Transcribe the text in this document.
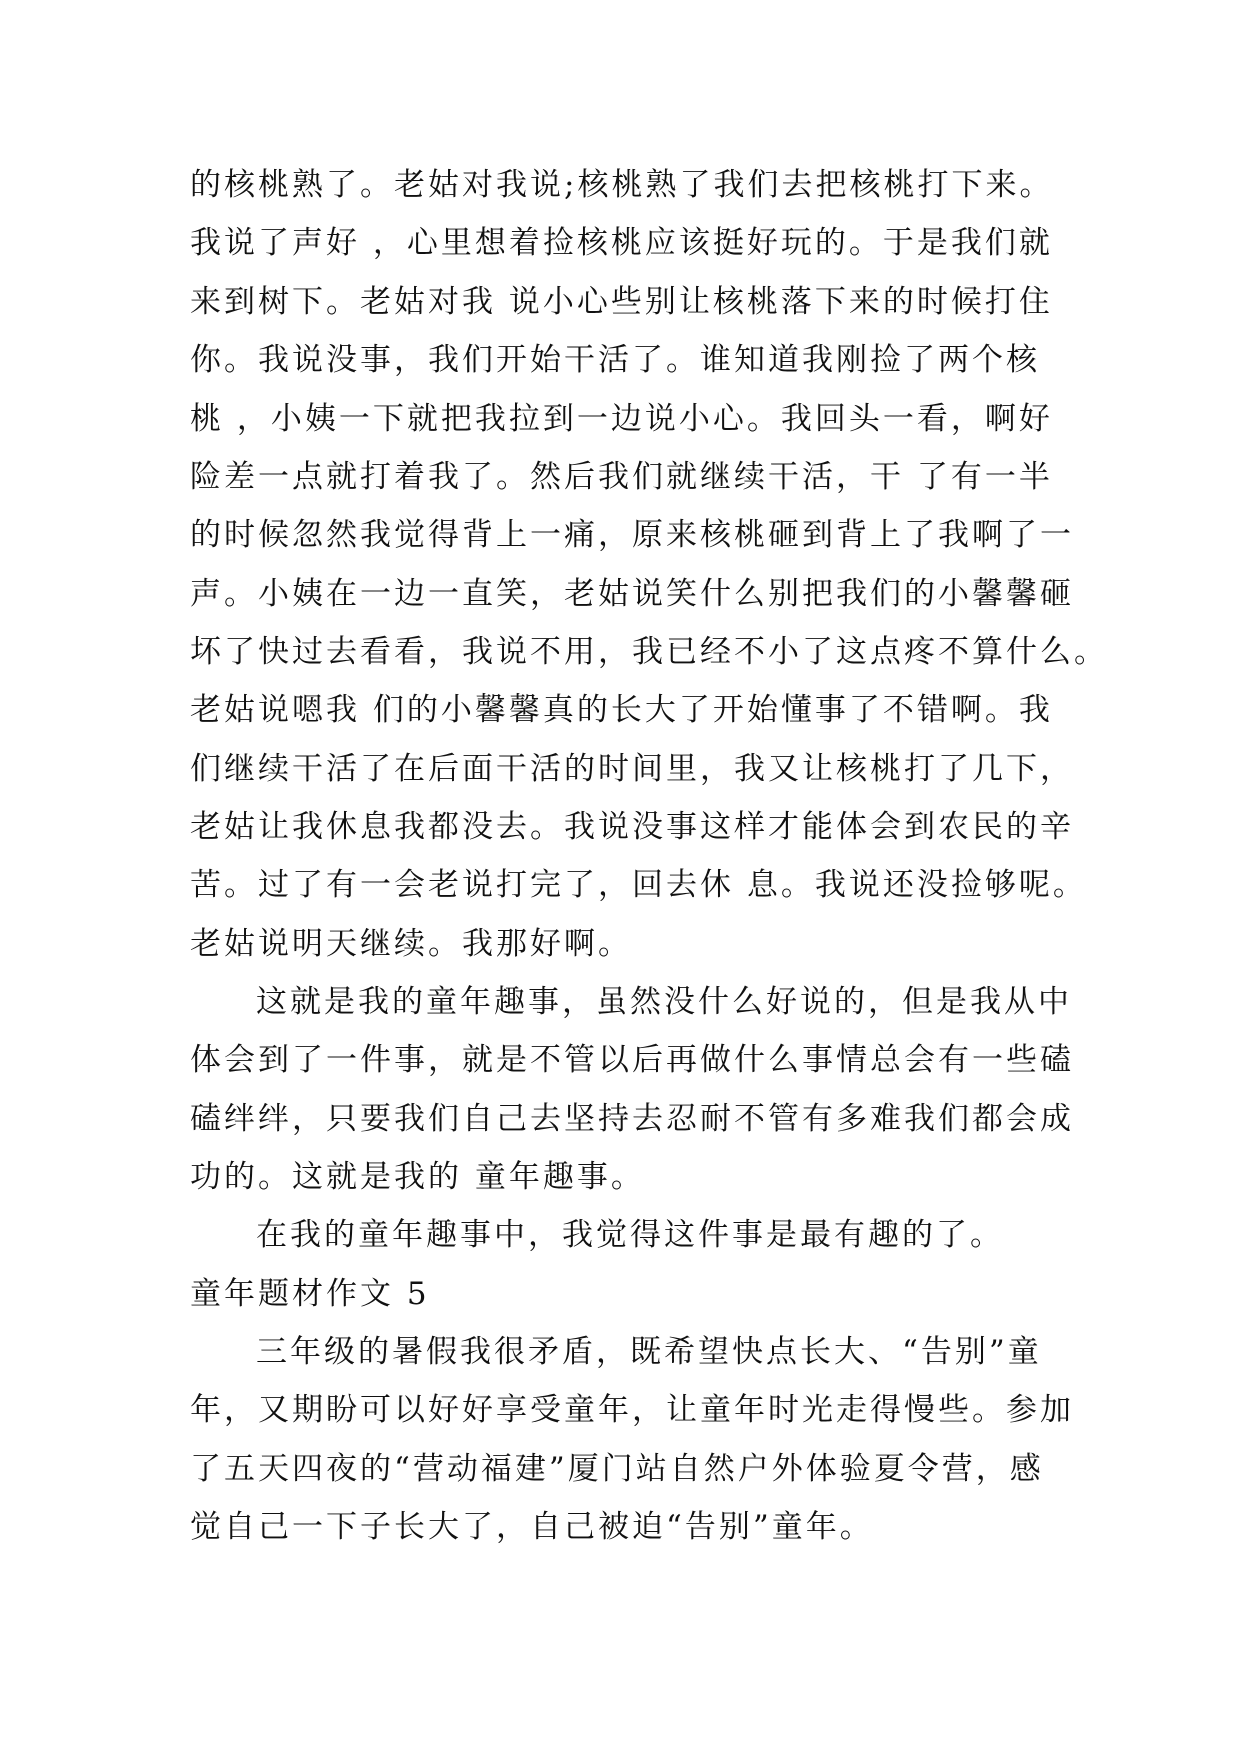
的核桃熟了。老姑对我说;核桃熟了我们去把核桃打下来。
我说了声好 ，心里想着捡核桃应该挺好玩的。于是我们就
来到树下。老姑对我 说小心些别让核桃落下来的时候打住
你。我说没事，我们开始干活了。谁知道我刚捡了两个核
桃 ，小姨一下就把我拉到一边说小心。我回头一看，啊好
险差一点就打着我了。然后我们就继续干活，干 了有一半
的时候忽然我觉得背上一痛，原来核桃砸到背上了我啊了一
声。小姨在一边一直笑，老姑说笑什么别把我们的小馨馨砸
坏了快过去看看，我说不用，我已经不小了这点疼不算什么。
老姑说嗯我 们的小馨馨真的长大了开始懂事了不错啊。我
们继续干活了在后面干活的时间里，我又让核桃打了几下，
老姑让我休息我都没去。我说没事这样才能体会到农民的辛
苦。过了有一会老说打完了，回去休 息。我说还没捡够呢。
老姑说明天继续。我那好啊。
这就是我的童年趣事，虽然没什么好说的，但是我从中
体会到了一件事，就是不管以后再做什么事情总会有一些磕
磕绊绊，只要我们自己去坚持去忍耐不管有多难我们都会成
功的。这就是我的 童年趣事。
在我的童年趣事中，我觉得这件事是最有趣的了。
童年题材作文 5
三年级的暑假我很矛盾，既希望快点长大、“告别”童
年，又期盼可以好好享受童年，让童年时光走得慢些。参加
了五天四夜的“营动福建”厦门站自然户外体验夏令营，感
觉自己一下子长大了，自己被迫“告别”童年。
